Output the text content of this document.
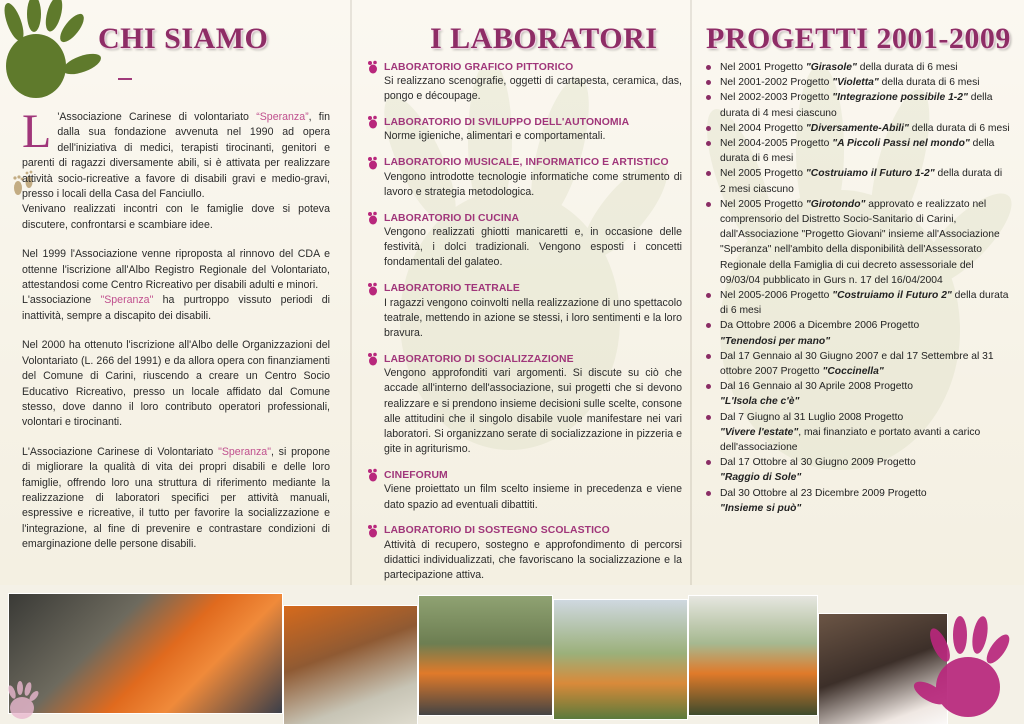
CHI SIAMO

L 'Associazione Carinese di volontariato “Speranza”, fin dalla sua fondazione avvenuta nel 1990 ad opera dell'iniziativa di medici, terapisti tirocinanti, genitori e parenti di ragazzi diversamente abili, si è attivata per realizzare attività socio-ricreative a favore di disabili gravi e medio-gravi, presso i locali della Casa del Fanciullo.
Venivano realizzati incontri con le famiglie dove si poteva discutere, confrontarsi e scambiare idee.

Nel 1999 l'Associazione venne riproposta al rinnovo del CDA e ottenne l'iscrizione all'Albo Registro Regionale del Volontariato, attestandosi come Centro Ricreativo per disabili adulti e minori.
L'associazione "Speranza" ha purtroppo vissuto periodi di inattività, sempre a discapito dei disabili.

Nel 2000 ha ottenuto l'iscrizione all'Albo delle Organizzazioni del Volontariato (L. 266 del 1991) e da allora opera con finanziamenti del Comune di Carini, riuscendo a creare un Centro Socio Educativo Ricreativo, presso un locale affidato dal Comune stesso, dove danno il loro contributo operatori professionali, volontari e tirocinanti.

L'Associazione Carinese di Volontariato "Speranza", si propone di migliorare la qualità di vita dei propri disabili e delle loro famiglie, offrendo loro una struttura di riferimento mediante la realizzazione di laboratori specifici per attività manuali, espressive e ricreative, il tutto per favorire la socializzazione e l'integrazione, al fine di prevenire e contrastare condizioni di emarginazione delle persone disabili.

I LABORATORI
LABORATORIO GRAFICO PITTORICO
Si realizzano scenografie, oggetti di cartapesta, ceramica, das, pongo e découpage.
LABORATORIO DI SVILUPPO DELL'AUTONOMIA
Norme igieniche, alimentari e comportamentali.
LABORATORIO MUSICALE, INFORMATICO E ARTISTICO
Vengono introdotte tecnologie informatiche come strumento di lavoro e strategia metodologica.
LABORATORIO DI CUCINA
Vengono realizzati ghiotti manicaretti e, in occasione delle festività, i dolci tradizionali. Vengono esposti i concetti fondamentali del galateo.
LABORATORIO TEATRALE
I ragazzi vengono coinvolti nella realizzazione di uno spettacolo teatrale, mettendo in azione se stessi, i loro sentimenti e la loro bravura.
LABORATORIO DI SOCIALIZZAZIONE
Vengono approfonditi vari argomenti. Si discute su ciò che accade all'interno dell'associazione, sui progetti che si devono realizzare e si prendono insieme decisioni sulle scelte, consone alle attitudini che il singolo disabile vuole manifestare nei vari laboratori. Si organizzano serate di socializzazione in pizzeria e gite in agriturismo.
CINEFORUM
Viene proiettato un film scelto insieme in precedenza e viene dato spazio ad eventuali dibattiti.
LABORATORIO DI SOSTEGNO SCOLASTICO
Attività di recupero, sostegno e approfondimento di percorsi didattici individualizzati, che favoriscano la socializzazione e la partecipazione attiva.
PROGETTI 2001-2009
Nel 2001 Progetto "Girasole" della durata di 6 mesi
Nel 2001-2002 Progetto "Violetta" della durata di 6 mesi
Nel 2002-2003 Progetto "Integrazione possibile 1-2" della durata di 4 mesi ciascuno
Nel 2004 Progetto "Diversamente-Abili" della durata di 6 mesi
Nel 2004-2005 Progetto "A Piccoli Passi nel mondo" della durata di 6 mesi
Nel 2005 Progetto "Costruiamo il Futuro 1-2" della durata di 2 mesi ciascuno
Nel 2005 Progetto "Girotondo" approvato e realizzato nel comprensorio del Distretto Socio-Sanitario di Carini, dall'Associazione "Progetto Giovani" insieme all'Associazione "Speranza" nell'ambito della disponibilità dell'Assessorato Regionale della Famiglia di cui decreto assessoriale del 09/03/04 pubblicato in Gurs n. 17 del 16/04/2004
Nel 2005-2006 Progetto "Costruiamo il Futuro 2" della durata di 6 mesi
Da Ottobre 2006 a Dicembre 2006 Progetto
"Tenendosi per mano"
Dal 17 Gennaio al 30 Giugno 2007 e dal 17 Settembre al 31 ottobre 2007 Progetto "Coccinella"
Dal 16 Gennaio al 30 Aprile 2008 Progetto
"L'Isola che c'è"
Dal 7 Giugno al 31 Luglio 2008 Progetto
"Vivere l'estate", mai finanziato e portato avanti a carico dell'associazione
Dal 17 Ottobre al 30 Giugno 2009 Progetto
"Raggio di Sole"
Dal 30 Ottobre al 23 Dicembre 2009 Progetto
"Insieme si può"
